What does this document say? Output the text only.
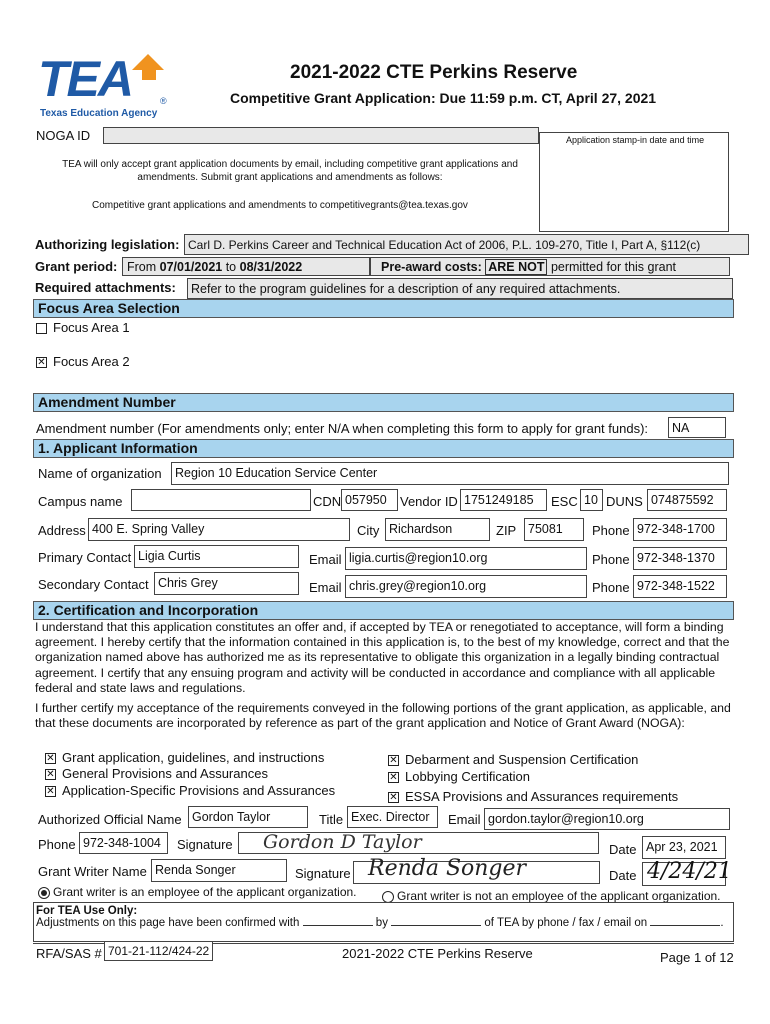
TEA
Texas Education Agency
®
2021-2022 CTE Perkins Reserve
Competitive Grant Application: Due 11:59 p.m. CT, April 27, 2021
NOGA ID	Application stamp-in date and time
TEA will only accept grant application documents by email, including competitive grant applications and amendments. Submit grant applications and amendments as follows:
Competitive grant applications and amendments to competitivegrants@tea.texas.gov
Authorizing legislation: Carl D. Perkins Career and Technical Education Act of 2006, P.L. 109-270, Title I, Part A, §112(c)
Grant period: From 07/01/2021 to 08/31/2022	Pre-award costs: ARE NOT permitted for this grant
Required attachments:	Refer to the program guidelines for a description of any required attachments.
Focus Area Selection
Focus Area 1
✕ Focus Area 2
Amendment Number
Amendment number (For amendments only; enter N/A when completing this form to apply for grant funds):	NA
1. Applicant Information
Name of organization	Region 10 Education Service Center
Campus name	CDN 057950	Vendor ID 1751249185	ESC 10 DUNS 074875592
Address 400 E. Spring Valley	City Richardson	ZIP 75081	Phone 972-348-1700
Primary Contact Ligia Curtis	Email ligia.curtis@region10.org	Phone 972-348-1370
Secondary Contact Chris Grey	Email chris.grey@region10.org	Phone 972-348-1522
2. Certification and Incorporation
I understand that this application constitutes an offer and, if accepted by TEA or renegotiated to acceptance, will form a binding agreement. I hereby certify that the information contained in this application is, to the best of my knowledge, correct and that the organization named above has authorized me as its representative to obligate this organization in a legally binding contractual agreement. I certify that any ensuing program and activity will be conducted in accordance and compliance with all applicable federal and state laws and regulations.
I further certify my acceptance of the requirements conveyed in the following portions of the grant application, as applicable, and that these documents are incorporated by reference as part of the grant application and Notice of Grant Award (NOGA):
✕ Grant application, guidelines, and instructions
✕ General Provisions and Assurances
✕ Application-Specific Provisions and Assurances
✕ Debarment and Suspension Certification
✕ Lobbying Certification
✕ ESSA Provisions and Assurances requirements
Authorized Official Name Gordon Taylor	Title Exec. Director	Email gordon.taylor@region10.org
Phone 972-348-1004	Signature Gordon D Taylor	Date Apr 23, 2021
Grant Writer Name Renda Songer	Signature Renda Songer	Date 4/24/21
Grant writer is an employee of the applicant organization.	Grant writer is not an employee of the applicant organization.
For TEA Use Only:
Adjustments on this page have been confirmed with	by	of TEA by phone / fax / email on	.
RFA/SAS # 701-21-112/424-22	2021-2022 CTE Perkins Reserve	Page 1 of 12
